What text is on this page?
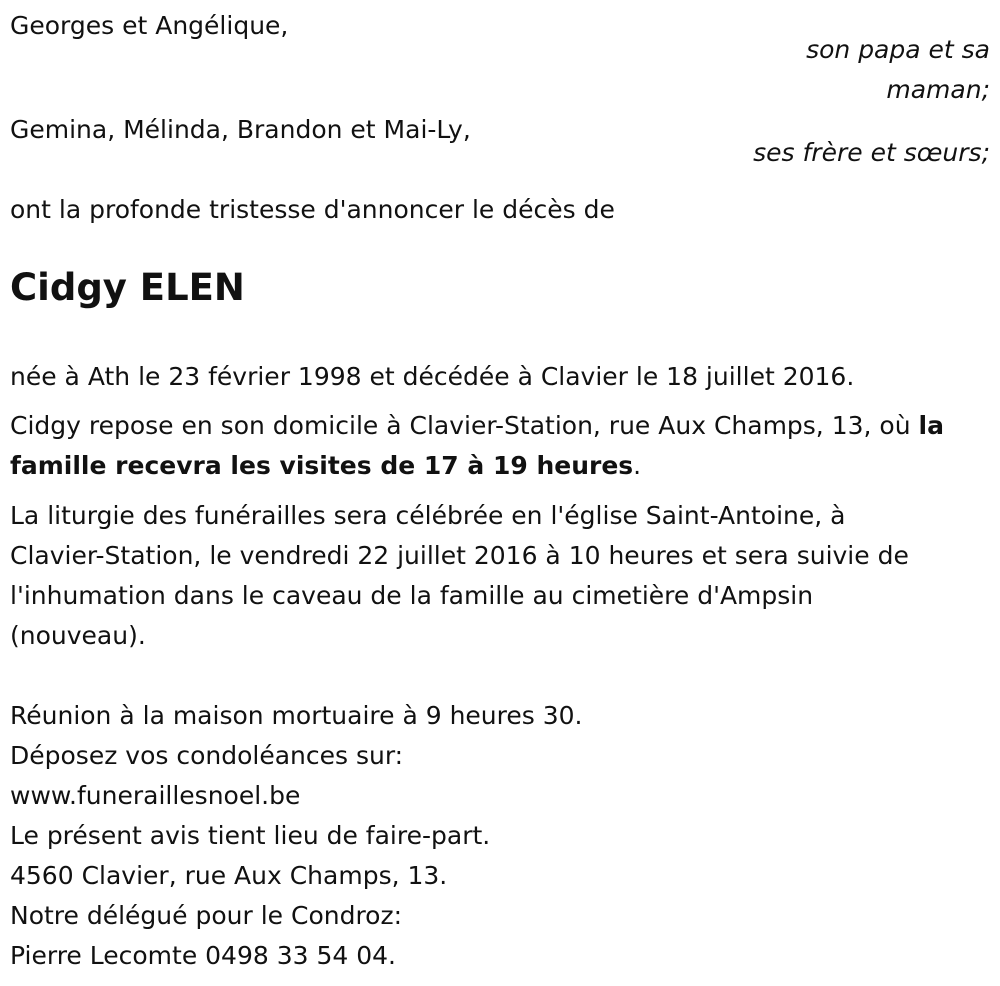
Georges et Angélique,
son papa et sa
maman;
Gemina, Mélinda, Brandon et Mai-Ly,
ses frère et sœurs;
ont la profonde tristesse d'annoncer le décès de
Cidgy ELEN
née à Ath le 23 février 1998 et décédée à Clavier le 18 juillet 2016.
Cidgy repose en son domicile à Clavier-Station, rue Aux Champs, 13, où la
famille recevra les visites de 17 à 19 heures.
La liturgie des funérailles sera célébrée en l'église Saint-Antoine, à
Clavier-Station, le vendredi 22 juillet 2016 à 10 heures et sera suivie de
l'inhumation dans le caveau de la famille au cimetière d'Ampsin
(nouveau).
Réunion à la maison mortuaire à 9 heures 30.
Déposez vos condoléances sur:
www.funeraillesnoel.be
Le présent avis tient lieu de faire-part.
4560 Clavier, rue Aux Champs, 13.
Notre délégué pour le Condroz:
Pierre Lecomte 0498 33 54 04.
